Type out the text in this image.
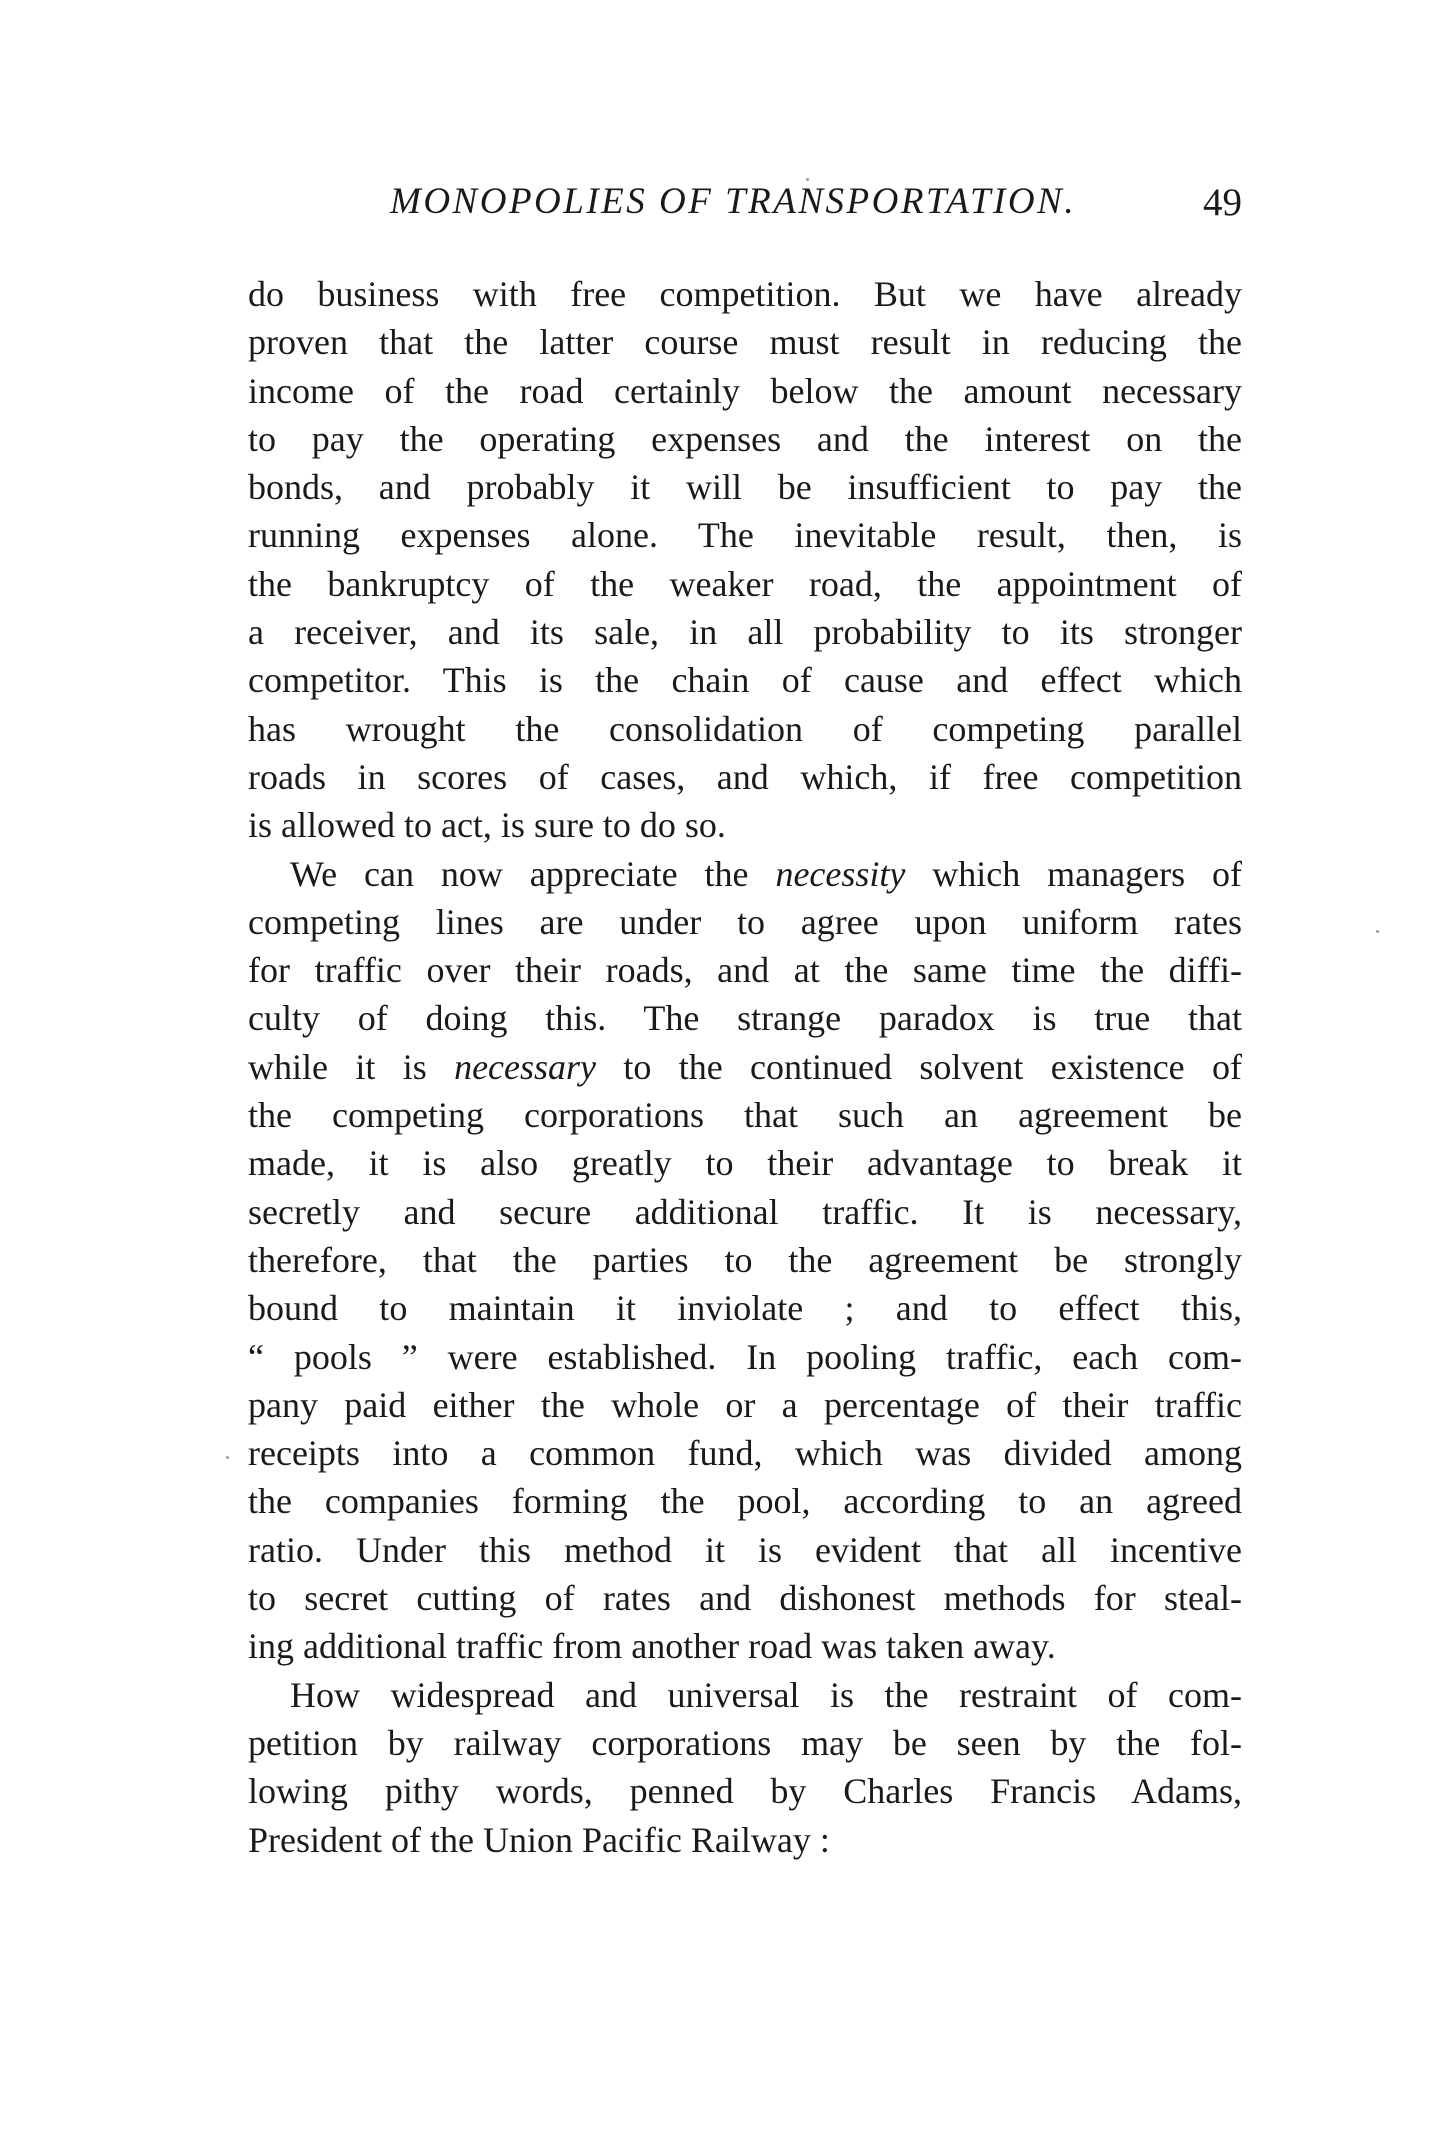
MONOPOLIES OF TRANSPORTATION.	49
do business with free competition. But we have already
proven that the latter course must result in reducing the
income of the road certainly below the amount necessary
to pay the operating expenses and the interest on the
bonds, and probably it will be insufficient to pay the
running expenses alone. The inevitable result, then, is
the bankruptcy of the weaker road, the appointment of
a receiver, and its sale, in all probability to its stronger
competitor. This is the chain of cause and effect which
has wrought the consolidation of competing parallel
roads in scores of cases, and which, if free competition
is allowed to act, is sure to do so.
We can now appreciate the necessity which managers of
competing lines are under to agree upon uniform rates
for traffic over their roads, and at the same time the diffi-
culty of doing this. The strange paradox is true that
while it is necessary to the continued solvent existence of
the competing corporations that such an agreement be
made, it is also greatly to their advantage to break it
secretly and secure additional traffic. It is necessary,
therefore, that the parties to the agreement be strongly
bound to maintain it inviolate ; and to effect this,
“ pools ” were established. In pooling traffic, each com-
pany paid either the whole or a percentage of their traffic
receipts into a common fund, which was divided among
the companies forming the pool, according to an agreed
ratio. Under this method it is evident that all incentive
to secret cutting of rates and dishonest methods for steal-
ing additional traffic from another road was taken away.
How widespread and universal is the restraint of com-
petition by railway corporations may be seen by the fol-
lowing pithy words, penned by Charles Francis Adams,
President of the Union Pacific Railway :
